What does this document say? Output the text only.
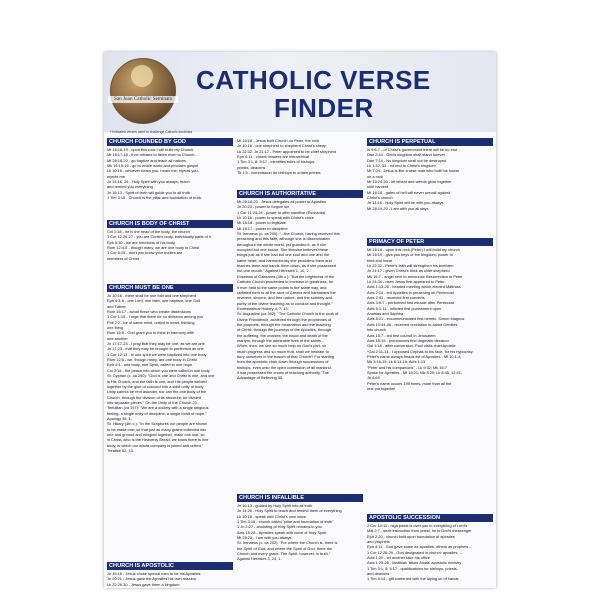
San Juan Catholic Seminars
CATHOLIC VERSE
FINDER
* Indicates verses used to challenge Catholic doctrines
CHURCH FOUNDED BY GOD
Mt 16:18-19 - upon this rock I will build my Church
Mt 18:17-18 - if he refuses to listen even to Church...
Mt 28:18-20 - go baptize and teach all nations
Mk 16:15-16 - go to whole world and proclaim gospel
Lk 10:16 - whoever hears you, hears me; rejects you,
rejects me
Jn 14:16, 26 - Holy Spirit with you always, teach
and remind you everything
Jn 16:13 - Spirit of truth will guide you to all truth
1 Tim 3:15 - Church is the pillar and foundation of truth
CHURCH IS BODY OF CHRIST
Col 1:18 - he is the head of the body, the church
1 Cor 12:26-27 - you are Christ's body, individually parts of it
Eph 5:30 - we are members of his body
Rom 12:4-5 - though many, we are one body in Christ
1 Cor 6:15 - don't you know your bodies are
members of Christ
CHURCH MUST BE ONE
Jn 10:16 - there shall be one fold and one shepherd
Eph 4:3-6 - one Lord, one faith, one baptism, one God
and Father
Rom 16:17 - avoid those who create dissensions
1 Cor 1:10 - I urge that there be no divisions among you
Phil 2:2 - be of same mind, united in heart, thinking
one thing
Rom 15:5 - God grant you to think in harmony with
one another
Jn 17:17-23 - I pray that they may be one, as we are one
Jn 17:23 - that they may be brought to perfection as one
1 Cor 12:13 - in one spirit we were baptized into one body
Rom 12:5 - we, though many, are one body in Christ
Eph 4:4 - one body, one Spirit, called to one hope
Col 3:15 - the peace into which you were called in one body
St. Cyprian (c. ca 250): "God is one and Christ is one, and one
is His Church, and the faith is one, and His people welded
together by the glue of concord into a solid unity of body.
Unity cannot be rent asunder, nor can the one body of the
Church, through the division of its structure, be divided
into separate pieces." On the Unity of the Church 23.
Tertullian (ca 197): "We are a society with a single religious
feeling, a single unity of discipline, a single bond of hope."
Apology 39, 1.
St. Hillary (4th c.): "In the Scriptures our people are shown
to be made one; so that just as many grains collected into
one and ground and mingled together, make one loaf, so
in Christ, who is the Heavenly Bread, we know there is one
body, in which our whole company is joined and united."
Treatise 62, 13.
CHURCH IS APOSTOLIC
Jn 15:16 - Jesus chose special men to be his Apostles
Jn 20:21 - Jesus gave the Apostles his own mission
Lk 22:29-30 - Jesus gave them a kingdom
Mt 16:18 - Jesus built Church on Peter, the rock
Jn 10:16 - one shepherd to shepherd Christ's sheep
Lk 22:32, Jn 21:17 - Peter appointed to be chief shepherd
Eph 4:11 - church leaders are hierarchical
1 Tim 3:1, 8; 5:17 - identifies roles of bishops,
priests, deacons
Tit 1:5 - commission for bishops to ordain priests
CHURCH IS AUTHORITATIVE
Mt 28:18-20 - Jesus delegates all power to Apostles
Jn 20:23 - power to forgive sin
1 Cor 11:23-24 - power to offer sacrifice (Eucharist)
Lk 10:16 - power to speak with Christ's voice
Mt 18:18 - power to legislate
Mt 18:17 - power to discipline
St. Irenaeus (c. ca 200): "...the Church, having received this
preaching and this faith, although she is disseminated
throughout the whole world, yet guarded it, as if she
occupied but one house. She likewise believes these
things just as if she had but one soul and one and the
same heart; and harmoniously she proclaims them and
teaches them and hands them down, as if she possessed
but one mouth." Against Heresies 1, 10, 2.
Eusebius of Caesarea (4th c.): "But the brightness of the
Catholic Church proceeded to increase in greatness, for
it ever held to the same points in the same way, and
radiated forth to all the race of Greeks and barbarians the
reverent, sincere, and free nature, and the sobriety and
purity of the divine teaching as to conduct and thought."
Ecclesiastical History 4, 7, 13.
St. Augustine (ca 392): "The Catholic Church is the work of
Divine Providence, achieved through the prophecies of
the prophets, through the Incarnation and the teaching
of Christ, through the journeys of the Apostles, through
the suffering, the crosses, the blood and death of the
martyrs, through the admirable lives of the saints...
When, then, we see so much help on God's part, so
much progress and so much fruit, shall we hesitate to
bury ourselves in the bosom of that Church? For starting
from the apostolic chair down through successions of
bishops, even unto the open confession of all mankind,
it has possessed the crown of teaching authority."The
Advantage of Believing 35.
CHURCH IS INFALLIBLE
Jn 16:13 - guided by Holy Spirit into all truth
Jn 14:26 - Holy Spirit to teach and remind them of everything
Lk 10:16 - speak with Christ's own voice
1 Tim 3:15 - church called "pillar and foundation of truth"
1 Jn 2:27 - anointing of Holy Spirit remains in you
Acts 15:28 - Apostles speak with voice of Holy Spirit
Mt 28:20 - I am with you always
St. Irenaeus (c. ca 202): "For where the Church is, there is
the Spirit of God; and where the Spirit of God, there the
Church and every grace. The Spirit, however, is truth."
Against Heresies 3, 24, 1.
CHURCH IS PERPETUAL
Is 9:6-7 - of Christ's government there will be no end
Dan 2:44 - God's kingdom shall stand forever
Dan 7:14 - his kingdom shall not be destroyed
Lk 1:32, 33 - no end to Christ's kingdom
Mt 7:24 - Jesus is like a wise man who built his house
on a rock
Mt 13:24-30 - let wheat and weeds grow together
until harvest
Mt 16:18 - gates of hell will never prevail against
Christ's church
Jn 14:16 - Holy Spirit will be with you always
Mt 28:19-20 - I am with you all days
PRIMACY OF PETER
Mt 16:18 - upon this rock (Peter) I will build my church
Mt 16:19 - give you keys of the kingdom; power to
bind and loose
Lk 22:32 - Peter's faith will strengthen his brethren
Jn 21:17 - given Christ's flock as chief shepherd
Mk 16:7 - angel sent to announce Resurrection to Peter
Lk 24:34 - risen Jesus first appeared to Peter
Acts 1:13-26 - headed meeting which elected Matthias
Acts 2:14 - led Apostles in preaching on Pentecost
Acts 2:41 - received first converts
Acts 3:6-7 - performed first miracle after Pentecost
Acts 5:1-11 - inflicted first punishment upon
Ananias and Saphira
Acts 8:21 - excommunicated first heretic, Simon Magnus
Acts 10:44-46 - received revelation to admit Gentiles
into church
Acts 15:7 - led first council in Jerusalem
Acts 15:19 - pronounces first dogmatic decision
Gal 1:18 - after conversion, Paul visits chief Apostle
*Gal 2:11-14 - I opposed Cephas to his face, for his hypocrisy
Peter's name always heads list of Apostles - Mt 10:1-4;
Mk 3:16-19; Lk 6:14-16; Acts 1:13
"Peter and his companions" - Lk 9:32; Mk 16:7
Spoke for Apostles - Mt 18:21; Mk 8:29; Lk 8:45, 12:41;
Jn 6:69
Peter's name occurs 195 times, more than all the
rest put together
APOSTOLIC SUCCESSION
2 Cor 10:11 - high priest is over you in everything of Lord's
Mal 2:7 - seek instruction from priest, he is God's messenger
Eph 2:20 - church built upon foundation of apostles
and prophets
Eph 4:11 - God gave some as apostles, others as prophets...
1 Cor 12:28-29 - God designated in church: apostles, ...
Acts 1:20 - let another take his office
Acts 1:25-26 - Matthias 'takes Judas' apostolic ministry
1 Tim 3:1; 8; 5:17 - qualifications for bishops, priests,
and deacons
1 Tim 4:14 - gift conferred with the laying on of hands
